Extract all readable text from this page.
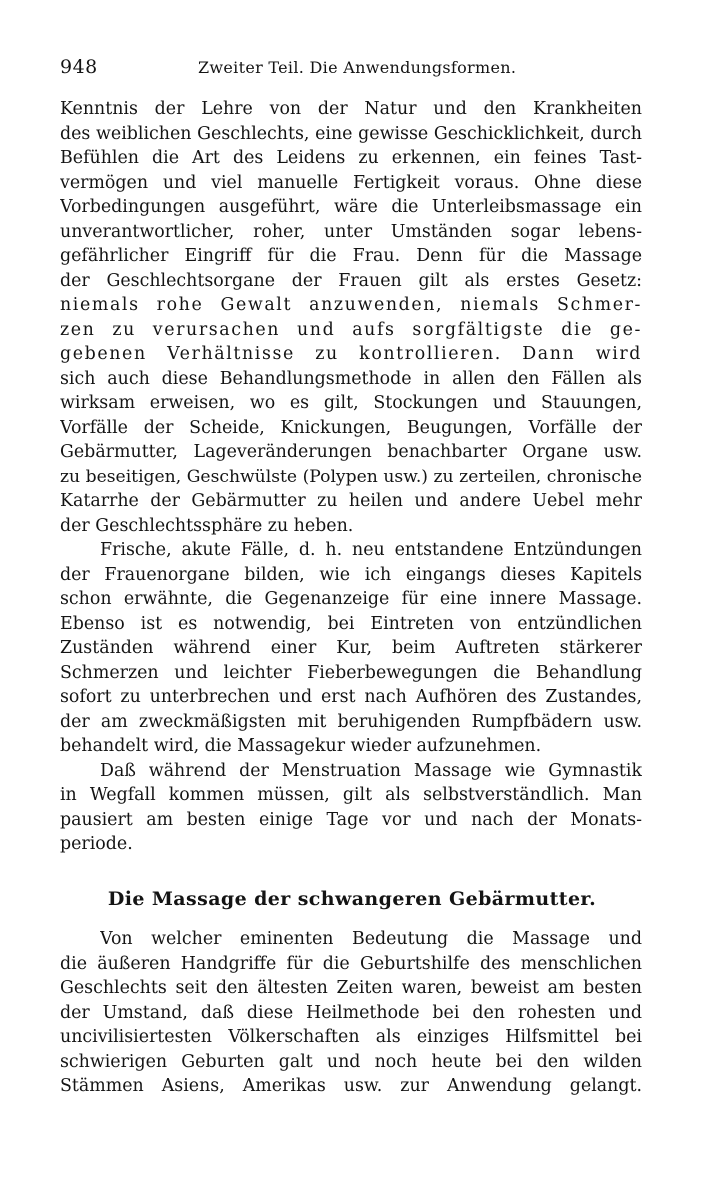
948	Zweiter Teil. Die Anwendungsformen.
Kenntnis der Lehre von der Natur und den Krankheiten
des weiblichen Geschlechts, eine gewisse Geschicklichkeit, durch
Befühlen die Art des Leidens zu erkennen, ein feines Tast-
vermögen und viel manuelle Fertigkeit voraus. Ohne diese
Vorbedingungen ausgeführt, wäre die Unterleibsmassage ein
unverantwortlicher, roher, unter Umständen sogar lebens-
gefährlicher Eingriff für die Frau. Denn für die Massage
der Geschlechtsorgane der Frauen gilt als erstes Gesetz:
niemals rohe Gewalt anzuwenden, niemals Schmer-
zen zu verursachen und aufs sorgfältigste die ge-
gebenen Verhältnisse zu kontrollieren. Dann wird
sich auch diese Behandlungsmethode in allen den Fällen als
wirksam erweisen, wo es gilt, Stockungen und Stauungen,
Vorfälle der Scheide, Knickungen, Beugungen, Vorfälle der
Gebärmutter, Lageveränderungen benachbarter Organe usw.
zu beseitigen, Geschwülste (Polypen usw.) zu zerteilen, chronische
Katarrhe der Gebärmutter zu heilen und andere Uebel mehr
der Geschlechtssphäre zu heben.
Frische, akute Fälle, d. h. neu entstandene Entzündungen
der Frauenorgane bilden, wie ich eingangs dieses Kapitels
schon erwähnte, die Gegenanzeige für eine innere Massage.
Ebenso ist es notwendig, bei Eintreten von entzündlichen
Zuständen während einer Kur, beim Auftreten stärkerer
Schmerzen und leichter Fieberbewegungen die Behandlung
sofort zu unterbrechen und erst nach Aufhören des Zustandes,
der am zweckmäßigsten mit beruhigenden Rumpfbädern usw.
behandelt wird, die Massagekur wieder aufzunehmen.
Daß während der Menstruation Massage wie Gymnastik
in Wegfall kommen müssen, gilt als selbstverständlich. Man
pausiert am besten einige Tage vor und nach der Monats-
periode.
Die Massage der schwangeren Gebärmutter.
Von welcher eminenten Bedeutung die Massage und
die äußeren Handgriffe für die Geburtshilfe des menschlichen
Geschlechts seit den ältesten Zeiten waren, beweist am besten
der Umstand, daß diese Heilmethode bei den rohesten und
uncivilisiertesten Völkerschaften als einziges Hilfsmittel bei
schwierigen Geburten galt und noch heute bei den wilden
Stämmen Asiens, Amerikas usw. zur Anwendung gelangt.
